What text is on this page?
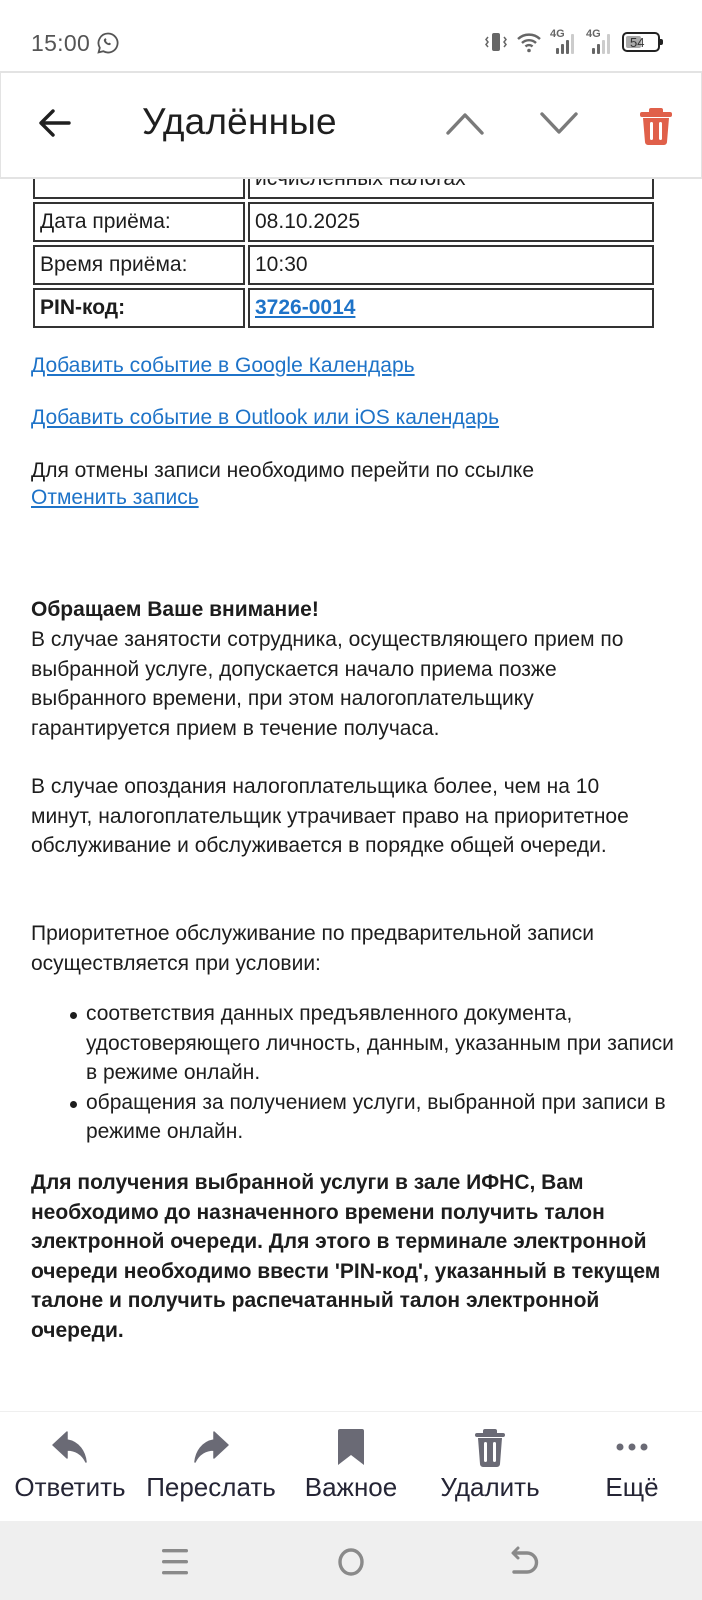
15:00	4G 4G
54
Удалённые

Дата приёма:	08.10.2025
Время приёма:	10:30
PIN-код:	3726-0014
Добавить событие в Google Календарь
Добавить событие в Outlook или iOS календарь
Для отмены записи необходимо перейти по ссылке
Отменить запись
Обращаем Ваше внимание!
В случае занятости сотрудника, осуществляющего прием по выбранной услуге, допускается начало приема позже выбранного времени, при этом налогоплательщику гарантируется прием в течение получаса.
В случае опоздания налогоплательщика более, чем на 10 минут, налогоплательщик утрачивает право на приоритетное обслуживание и обслуживается в порядке общей очереди.
Приоритетное обслуживание по предварительной записи осуществляется при условии:
соответствия данных предъявленного документа, удостоверяющего личность, данным, указанным при записи в режиме онлайн.
обращения за получением услуги, выбранной при записи в режиме онлайн.
Для получения выбранной услуги в зале ИФНС, Вам необходимо до назначенного времени получить талон электронной очереди. Для этого в терминале электронной очереди необходимо ввести 'PIN-код', указанный в текущем талоне и получить распечатанный талон электронной очереди.
Ответить Переслать Важное Удалить	Ещё
